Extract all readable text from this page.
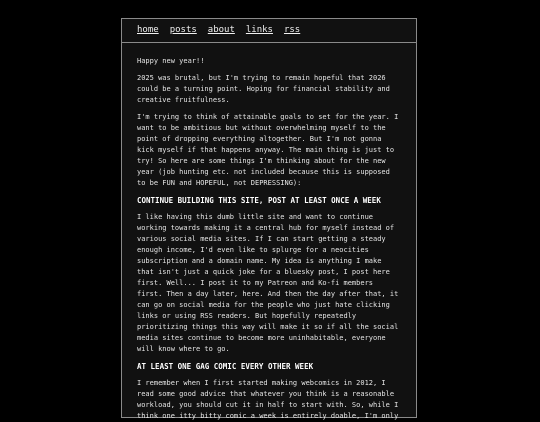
home posts about links rss

Happy new year!!

2025 was brutal, but I'm trying to remain hopeful that 2026 could be a turning point. Hoping for financial stability and creative fruitfulness.

I'm trying to think of attainable goals to set for the year. I want to be ambitious but without overwhelming myself to the point of dropping everything altogether. But I'm not gonna kick myself if that happens anyway. The main thing is just to try! So here are some things I'm thinking about for the new year (job hunting etc. not included because this is supposed to be FUN and HOPEFUL, not DEPRESSING):

CONTINUE BUILDING THIS SITE, POST AT LEAST ONCE A WEEK

I like having this dumb little site and want to continue working towards making it a central hub for myself instead of various social media sites. If I can start getting a steady enough income, I'd even like to splurge for a neocities subscription and a domain name. My idea is anything I make that isn't just a quick joke for a bluesky post, I post here first. Well... I post it to my Patreon and Ko-fi members first. Then a day later, here. And then the day after that, it can go on social media for the people who just hate clicking links or using RSS readers. But hopefully repeatedly prioritizing things this way will make it so if all the social media sites continue to become more uninhabitable, everyone will know where to go.

AT LEAST ONE GAG COMIC EVERY OTHER WEEK

I remember when I first started making webcomics in 2012, I read some good advice that whatever you think is a reasonable workload, you should cut it in half to start with. So, while I think one itty bitty comic a week is entirely doable, I'm only
